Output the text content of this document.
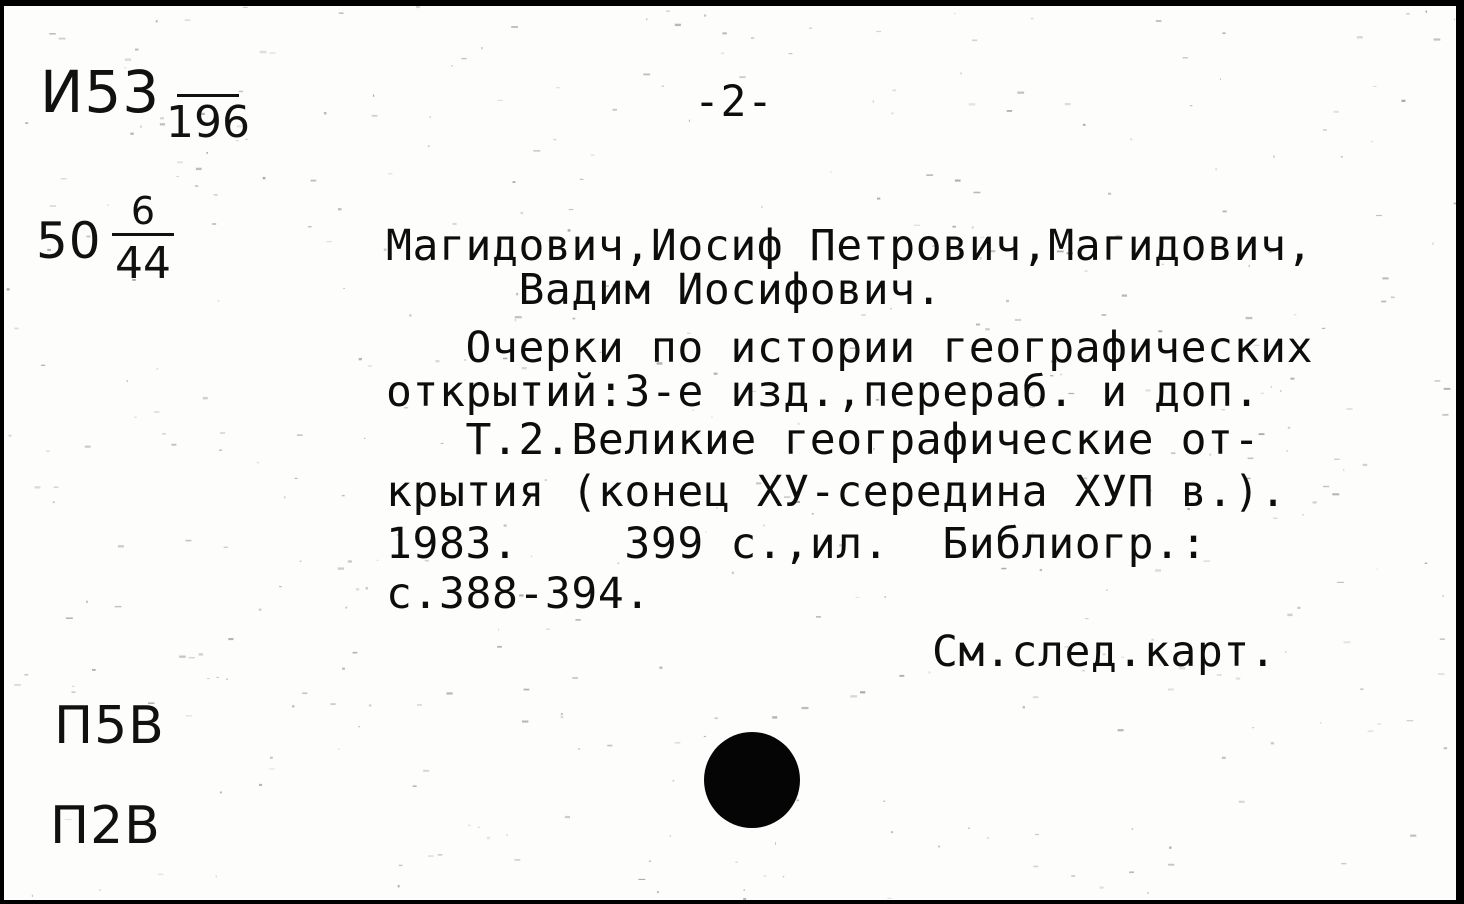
И53 196
50
6
44
-2-
Магидович,Иосиф Петрович,Магидович,
Вадим Иосифович.
Очерки по истории географических
открытий:3-е изд.,перераб. и доп.
Т.2.Великие географические от-
крытия (конец ХУ-середина ХУП в.).
1983.    399 с.,ил.  Библиогр.:
с.388-394.
См.след.карт.
П5В
П2В
